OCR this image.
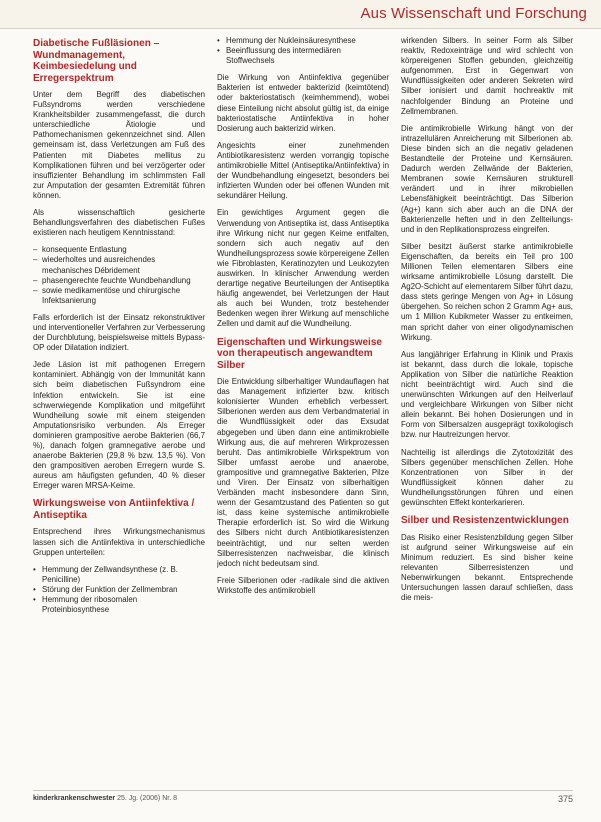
Aus Wissenschaft und Forschung
Diabetische Fußläsionen – Wundmanagement, Keimbesiedelung und Erregerspektrum

Unter dem Begriff des diabetischen Fußsyndroms werden verschiedene Krankheitsbilder zusammengefasst, die durch unterschiedliche Ätiologie und Pathomechanismen gekennzeichnet sind. Allen gemeinsam ist, dass Verletzungen am Fuß des Patienten mit Diabetes mellitus zu Komplikationen führen und bei verzögerter oder insuffizienter Behandlung im schlimmsten Fall zur Amputation der gesamten Extremität führen können.

Als wissenschaftlich gesicherte Behandlungsverfahren des diabetischen Fußes existieren nach heutigem Kenntnisstand:

– konsequente Entlastung
– wiederholtes und ausreichendes mechanisches Débridement
– phasengerechte feuchte Wundbehandlung
– sowie medikamentöse und chirurgische Infektsanierung

Falls erforderlich ist der Einsatz rekonstruktiver und interventioneller Verfahren zur Verbesserung der Durchblutung, beispielsweise mittels Bypass-OP oder Dilatation indiziert.

Jede Läsion ist mit pathogenen Erregern kontaminiert. Abhängig von der Immunität kann sich beim diabetischen Fußsyndrom eine Infektion entwickeln. Sie ist eine schwerwiegende Komplikation und mitgeführt Wundheilung sowie mit einem steigenden Amputationsrisiko verbunden. Als Erreger dominieren grampositive aerobe Bakterien (66,7 %), danach folgen gramnegative aerobe und anaerobe Bakterien (29,8 % bzw. 13,5 %). Von den grampositiven aeroben Erregern wurde S. aureus am häufigsten gefunden, 40 % dieser Erreger waren MRSA-Keime.

Wirkungsweise von Antiinfektiva / Antiseptika

Entsprechend ihres Wirkungsmechanismus lassen sich die Antiinfektiva in unterschiedliche Gruppen unterteilen:

• Hemmung der Zellwandsynthese (z. B. Penicilline)
• Störung der Funktion der Zellmembran
• Hemmung der ribosomalen Proteinbiosynthese
• Hemmung der Nukleinsäuresynthese
• Beeinflussung des intermediären Stoffwechsels

Die Wirkung von Antiinfektiva gegenüber Bakterien ist entweder bakterizid (keimtötend) oder bakteriostatisch (keimhemmend), wobei diese Einteilung nicht absolut gültig ist, da einige bakteriostatische Antiinfektiva in hoher Dosierung auch bakterizid wirken.

Angesichts einer zunehmenden Antibiotikaresistenz werden vorrangig topische antimikrobielle Mittel (Antiseptika/Antiinfektiva) in der Wundbehandlung eingesetzt, besonders bei infizierten Wunden oder bei offenen Wunden mit sekundärer Heilung.

Ein gewichtiges Argument gegen die Verwendung von Antiseptika ist, dass Antiseptika ihre Wirkung nicht nur gegen Keime entfalten, sondern sich auch negativ auf den Wundheilungsprozess sowie körpereigene Zellen wie Fibroblasten, Keratinozyten und Leukozyten auswirken. In klinischer Anwendung werden derartige negative Beurteilungen der Antiseptika häufig angewendet, bei Verletzungen der Haut als auch bei Wunden, trotz bestehender Bedenken wegen ihrer Wirkung auf menschliche Zellen und damit auf die Wundheilung.

Eigenschaften und Wirkungsweise von therapeutisch angewandtem Silber

Die Entwicklung silberhaltiger Wundauflagen hat das Management infizierter bzw. kritisch kolonisierter Wunden erheblich verbessert. Silberionen werden aus dem Verbandmaterial in die Wundflüssigkeit oder das Exsudat abgegeben und üben dann eine antimikrobielle Wirkung aus, die auf mehreren Wirkprozessen beruht. Das antimikrobielle Wirkspektrum von Silber umfasst aerobe und anaerobe, grampositive und gramnegative Bakterien, Pilze und Viren. Der Einsatz von silberhaltigen Verbänden macht insbesondere dann Sinn, wenn der Gesamtzustand des Patienten so gut ist, dass keine systemische antimikrobielle Therapie erforderlich ist. So wird die Wirkung des Silbers nicht durch Antibiotikaresistenzen beeinträchtigt, und nur selten werden Silberresistenzen nachweisbar, die klinisch jedoch nicht bedeutsam sind.

Freie Silberionen oder -radikale sind die aktiven Wirkstoffe des antimikrobiell

wirkenden Silbers. In seiner Form als Silber reaktiv, Redoxeinträge und wird schlecht von körpereigenen Stoffen gebunden, gleichzeitig aufgenommen. Erst in Gegenwart von Wundflüssigkeiten oder anderen Sekreten wird Silber ionisiert und damit hochreaktiv mit nachfolgender Bindung an Proteine und Zellmembranen.

Die antimikrobielle Wirkung hängt von der intrazellulären Anreicherung mit Silberionen ab. Diese binden sich an die negativ geladenen Bestandteile der Proteine und Kernsäuren. Dadurch werden Zellwände der Bakterien, Membranen sowie Kernsäuren strukturell verändert und in ihrer mikrobiellen Lebensfähigkeit beeinträchtigt. Das Silberion (Ag+) kann sich aber auch an die DNA der Bakterienzelle heften und in den Zellteilungs- und in den Replikationsprozess eingreifen.

Silber besitzt äußerst starke antimikrobielle Eigenschaften, da bereits ein Teil pro 100 Millionen Teilen elementaren Silbers eine wirksame antimikrobielle Lösung darstellt. Die Ag2O-Schicht auf elementarem Silber führt dazu, dass stets geringe Mengen von Ag+ in Lösung übergehen. So reichen schon 2 Gramm Ag+ aus, um 1 Million Kubikmeter Wasser zu entkeimen, man spricht daher von einer oligodynamischen Wirkung.

Aus langjähriger Erfahrung in Klinik und Praxis ist bekannt, dass durch die lokale, topische Applikation von Silber die natürliche Reaktion nicht beeinträchtigt wird. Auch sind die unerwünschten Wirkungen auf den Heilverlauf und vergleichbare Wirkungen von Silber nicht allein bekannt. Bei hohen Dosierungen und in Form von Silbersalzen ausgeprägt toxikologisch bzw. nur Hautreizungen hervor.

Nachteilig ist allerdings die Zytotoxizität des Silbers gegenüber menschlichen Zellen. Hohe Konzentrationen von Silber in der Wundflüssigkeit können daher zu Wundheilungsstörungen führen und einen gewünschten Effekt konterkarieren.

Silber und Resistenzentwicklungen

Das Risiko einer Resistenzbildung gegen Silber ist aufgrund seiner Wirkungsweise auf ein Minimum reduziert. Es sind bisher keine relevanten Silberresistenzen und Nebenwirkungen bekannt. Entsprechende Untersuchungen lassen darauf schließen, dass die meis-

kinderkrankenschwester 25. Jg. (2006) Nr. 8	375
